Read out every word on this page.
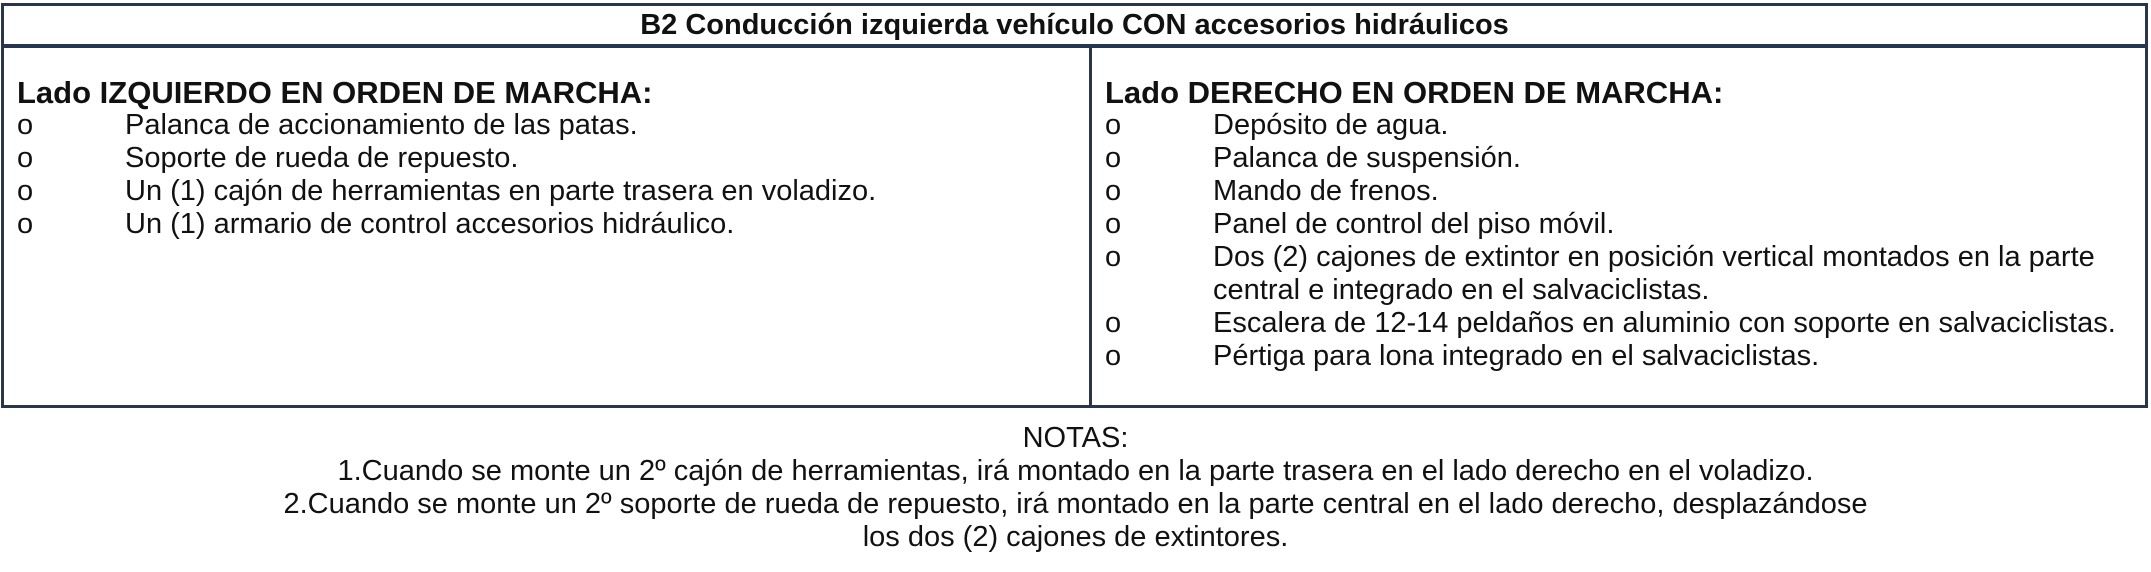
B2 Conducción izquierda vehículo CON accesorios hidráulicos
Lado IZQUIERDO EN ORDEN DE MARCHA:
o	Palanca de accionamiento de las patas.
o	Soporte de rueda de repuesto.
o	Un (1) cajón de herramientas en parte trasera en voladizo.
o	Un (1) armario de control accesorios hidráulico.
Lado DERECHO EN ORDEN DE MARCHA:
o	Depósito de agua.
o	Palanca de suspensión.
o	Mando de frenos.
o	Panel de control del piso móvil.
o	Dos (2) cajones de extintor en posición vertical montados en la parte central e integrado en el salvaciclistas.
o	Escalera de 12-14 peldaños en aluminio con soporte en salvaciclistas.
o	Pértiga para lona integrado en el salvaciclistas.
NOTAS:
1.Cuando se monte un 2º cajón de herramientas, irá montado en la parte trasera en el lado derecho en el voladizo.
2.Cuando se monte un 2º soporte de rueda de repuesto, irá montado en la parte central en el lado derecho, desplazándose
los dos (2) cajones de extintores.
